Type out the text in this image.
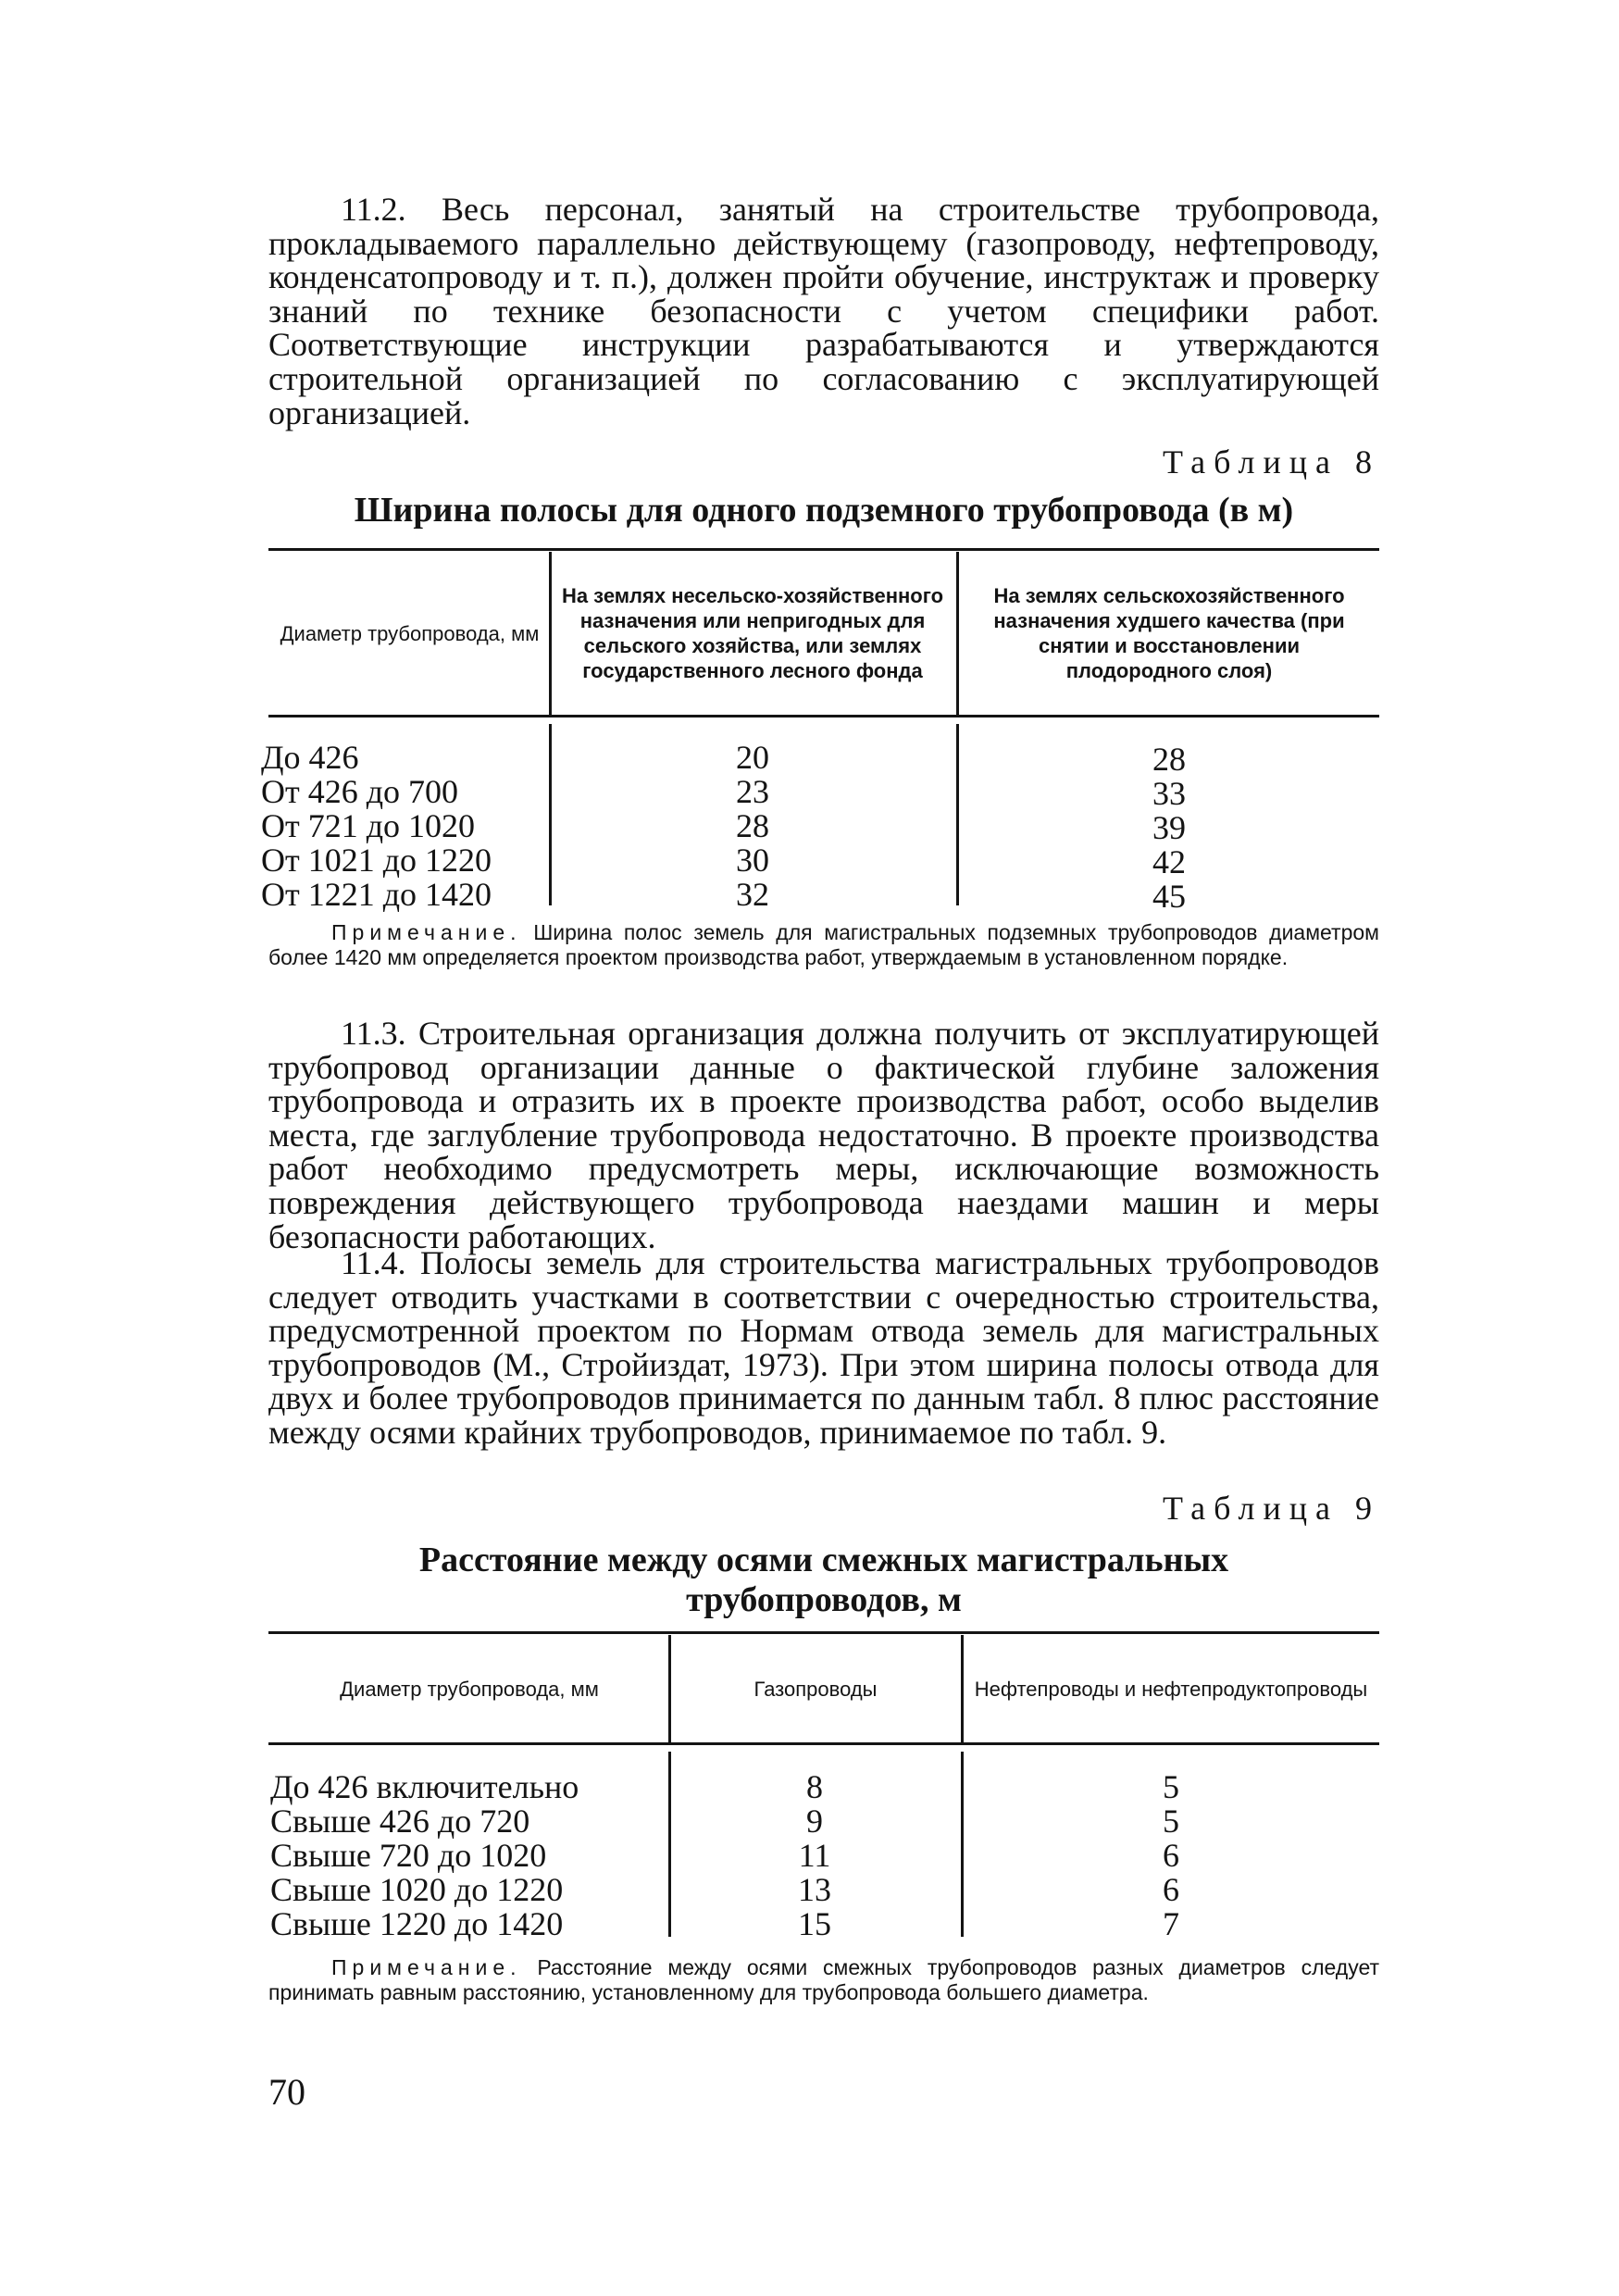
11.2. Весь персонал, занятый на строительстве трубопровода, прокладываемого параллельно действующему (газопроводу, нефтепроводу, конденсатопроводу и т. п.), должен пройти обучение, инструктаж и проверку знаний по технике безопасности с учетом специфики работ. Соответствующие инструкции разрабатываются и утверждаются строительной организацией по согласованию с эксплуатирующей организацией.

Таблица 8

Ширина полосы для одного подземного трубопровода (в м)

Диаметр трубопровода, мм
На землях несельско-хозяйственного назначения или непригодных для сельского хозяйства, или землях государственного лесного фонда
На землях сельскохозяйственного назначения худшего качества (при снятии и восстановлении плодородного слоя)
До 426
От 426 до 700
От 721 до 1020
От 1021 до 1220
От 1221 до 1420
20
23
28
30
32
28
33
39
42
45

Примечание. Ширина полос земель для магистральных подземных трубопроводов диаметром более 1420 мм определяется проектом производства работ, утверждаемым в установленном порядке.

11.3. Строительная организация должна получить от эксплуатирующей трубопровод организации данные о фактической глубине заложения трубопровода и отразить их в проекте производства работ, особо выделив места, где заглубление трубопровода недостаточно. В проекте производства работ необходимо предусмотреть меры, исключающие возможность повреждения действующего трубопровода наездами машин и меры безопасности работающих.

11.4. Полосы земель для строительства магистральных трубопроводов следует отводить участками в соответствии с очередностью строительства, предусмотренной проектом по Нормам отвода земель для магистральных трубопроводов (М., Стройиздат, 1973). При этом ширина полосы отвода для двух и более трубопроводов принимается по данным табл. 8 плюс расстояние между осями крайних трубопроводов, принимаемое по табл. 9.

Таблица 9

Расстояние между осями смежных магистральных
трубопроводов, м

Диаметр трубопровода, мм	Газопроводы	Нефтепроводы и нефтепродуктопроводы
До 426 включительно
Свыше 426 до 720
Свыше 720 до 1020
Свыше 1020 до 1220
Свыше 1220 до 1420
8
9
11
13
15
5
5
6
6
7

Примечание. Расстояние между осями смежных трубопроводов разных диаметров следует принимать равным расстоянию, установленному для трубопровода большего диаметра.

70
